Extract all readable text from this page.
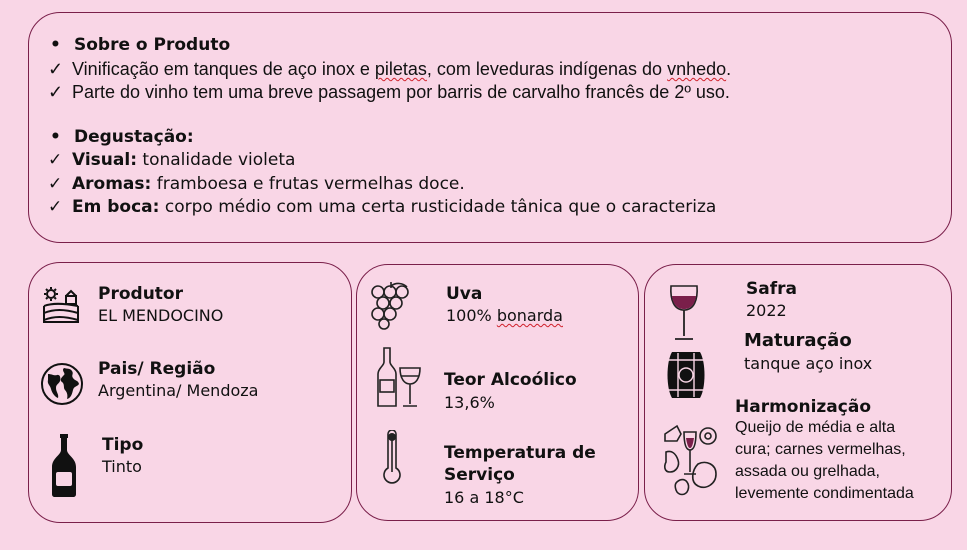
• Sobre o Produto
✓ Vinificação em tanques de aço inox e piletas, com leveduras indígenas do vnhedo.
✓ Parte do vinho tem uma breve passagem por barris de carvalho francês de 2º uso.
• Degustação:
✓ Visual: tonalidade violeta
✓ Aromas: framboesa e frutas vermelhas doce.
✓ Em boca: corpo médio com uma certa rusticidade tânica que o caracteriza
Produtor
EL MENDOCINO
Pais/ Região
Argentina/ Mendoza
Tipo
Tinto
Uva
100% bonarda
Teor Alcoólico
13,6%
Temperatura de
Serviço
16 a 18°C
Safra
2022
Maturação
tanque aço inox
Harmonização
Queijo de média e alta
cura; carnes vermelhas,
assada ou grelhada,
levemente condimentada
